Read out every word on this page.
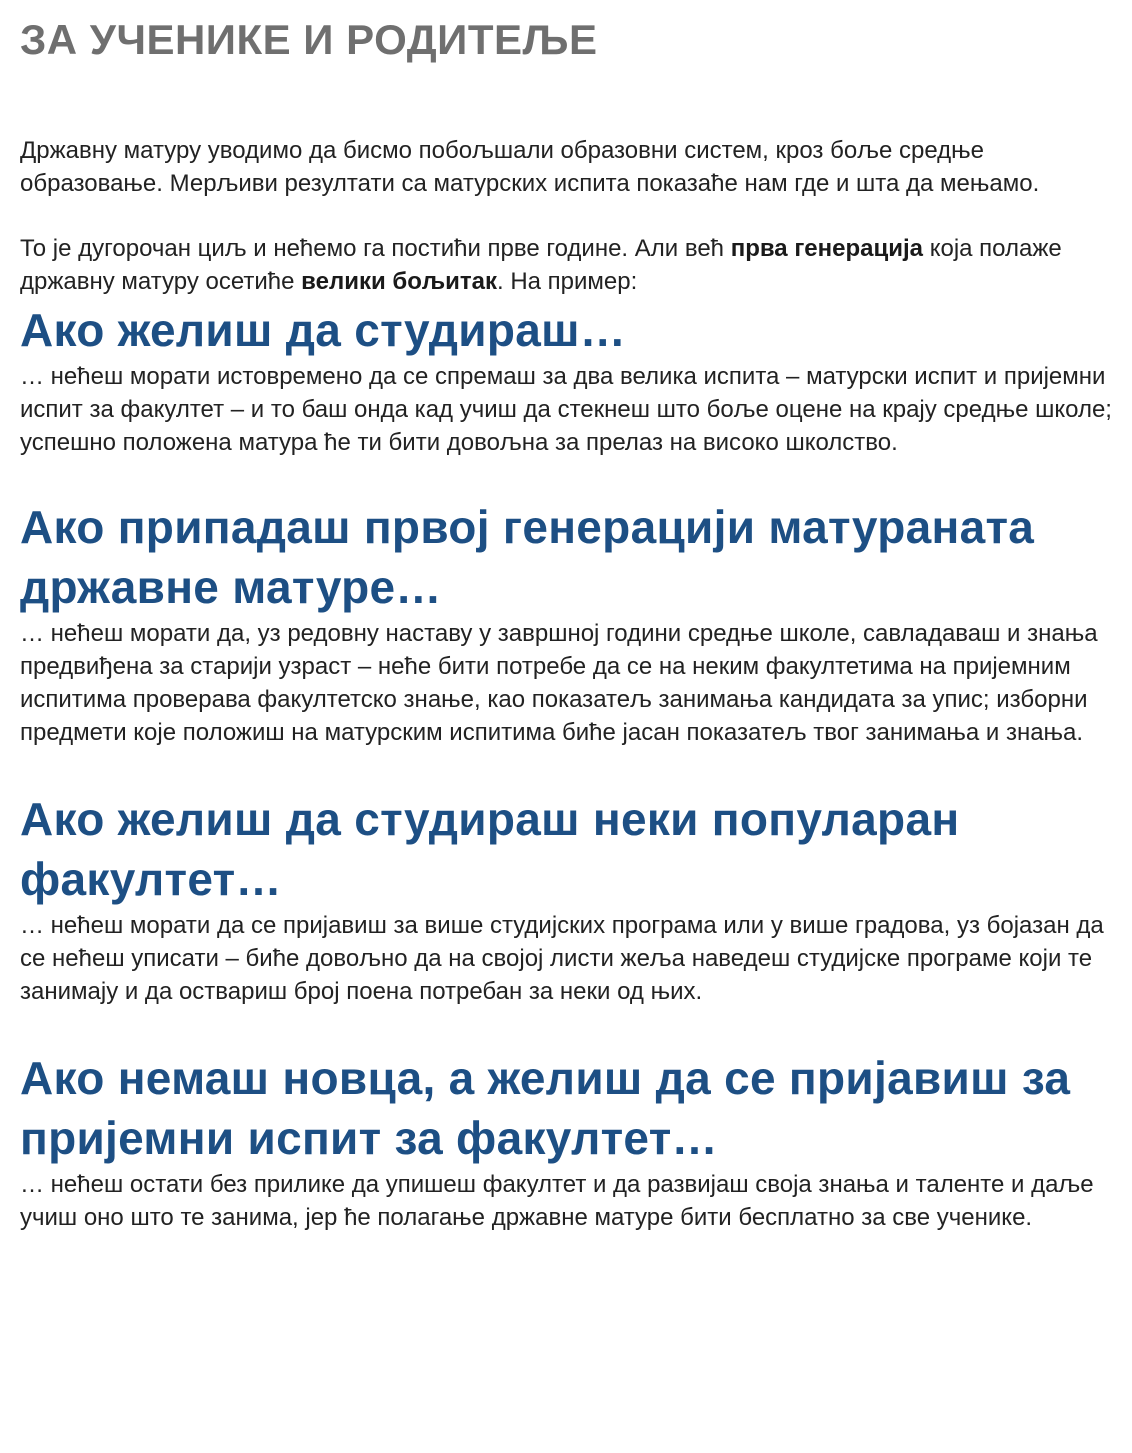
ЗА УЧЕНИКЕ И РОДИТЕЉЕ

Државну матуру уводимо да бисмо побољшали образовни систем, кроз боље средње образовање. Мерљиви резултати са матурских испита показаће нам где и шта да мењамо.

То је дугорочан циљ и нећемо га постићи прве године. Али већ прва генерација која полаже државну матуру осетиће велики бољитак. На пример:

Ако желиш да студираш…

… нећеш морати истовремено да се спремаш за два велика испита – матурски испит и пријемни испит за факултет – и то баш онда кад учиш да стекнеш што боље оцене на крају средње школе; успешно положена матура ће ти бити довољна за прелаз на високо школство.

Ако припадаш првој генерацији матураната државне матуре…

… нећеш морати да, уз редовну наставу у завршној години средње школе, савладаваш и знања предвиђена за старији узраст – неће бити потребе да се на неким факултетима на пријемним испитима проверава факултетско знање, као показатељ занимања кандидата за упис; изборни предмети које положиш на матурским испитима биће јасан показатељ твог занимања и знања.

Ако желиш да студираш неки популаран факултет…

… нећеш морати да се пријавиш за више студијских програма или у више градова, уз бојазан да се нећеш уписати – биће довољно да на својој листи жеља наведеш студијске програме који те занимају и да оствариш број поена потребан за неки од њих.

Ако немаш новца, а желиш да се пријавиш за пријемни испит за факултет…

… нећеш остати без прилике да упишеш факултет и да развијаш своја знања и таленте и даље учиш оно што те занима, јер ће полагање државне матуре бити бесплатно за све ученике.
